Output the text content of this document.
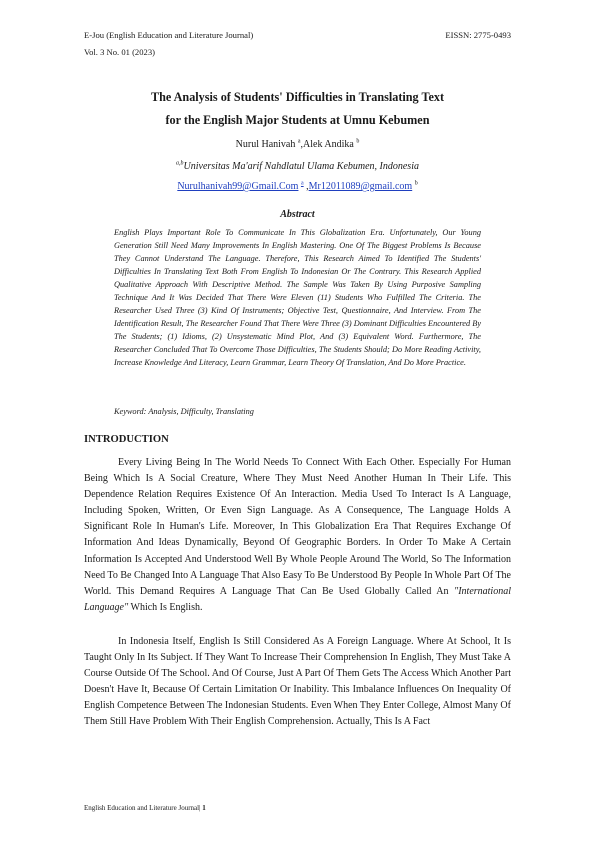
E-Jou (English Education and Literature Journal)	EISSN: 2775-0493
Vol. 3 No. 01 (2023)
The Analysis of Students' Difficulties in Translating Text
for the English Major Students at Umnu Kebumen
Nurul Hanivah $^a$,Alek Andika $^b$
$^{a,b}$Universitas Ma'arif Nahdlatul Ulama Kebumen, Indonesia
Nurulhanivah99@Gmail.Com $^a$ ,Mr12011089@gmail.com $^b$
Abstract
English Plays Important Role To Communicate In This Globalization Era. Unfortunately, Our Young Generation Still Need Many Improvements In English Mastering. One Of The Biggest Problems Is Because They Cannot Understand The Language. Therefore, This Research Aimed To Identified The Students' Difficulties In Translating Text Both From English To Indonesian Or The Contrary. This Research Applied Qualitative Approach With Descriptive Method. The Sample Was Taken By Using Purposive Sampling Technique And It Was Decided That There Were Eleven (11) Students Who Fulfilled The Criteria. The Researcher Used Three (3) Kind Of Instruments; Objective Test, Questionnaire, And Interview. From The Identification Result, The Researcher Found That There Were Three (3) Dominant Difficulties Encountered By The Students; (1) Idioms, (2) Unsystematic Mind Plot, And (3) Equivalent Word. Furthermore, The Researcher Concluded That To Overcome Those Difficulties, The Students Should; Do More Reading Activity, Increase Knowledge And Literacy, Learn Grammar, Learn Theory Of Translation, And Do More Practice.
Keyword: Analysis, Difficulty, Translating
INTRODUCTION
Every Living Being In The World Needs To Connect With Each Other. Especially For Human Being Which Is A Social Creature, Where They Must Need Another Human In Their Life. This Dependence Relation Requires Existence Of An Interaction. Media Used To Interact Is A Language, Including Spoken, Written, Or Even Sign Language. As A Consequence, The Language Holds A Significant Role In Human's Life. Moreover, In This Globalization Era That Requires Exchange Of Information And Ideas Dynamically, Beyond Of Geographic Borders. In Order To Make A Certain Information Is Accepted And Understood Well By Whole People Around The World, So The Information Need To Be Changed Into A Language That Also Easy To Be Understood By People In Whole Part Of The World. This Demand Requires A Language That Can Be Used Globally Called An "International Language" Which Is English.
In Indonesia Itself, English Is Still Considered As A Foreign Language. Where At School, It Is Taught Only In Its Subject. If They Want To Increase Their Comprehension In English, They Must Take A Course Outside Of The School. And Of Course, Just A Part Of Them Gets The Access Which Another Part Doesn't Have It, Because Of Certain Limitation Or Inability. This Imbalance Influences On Inequality Of English Competence Between The Indonesian Students. Even When They Enter College, Almost Many Of Them Still Have Problem With Their English Comprehension. Actually, This Is A Fact
English Education and Literature Journal| 1
